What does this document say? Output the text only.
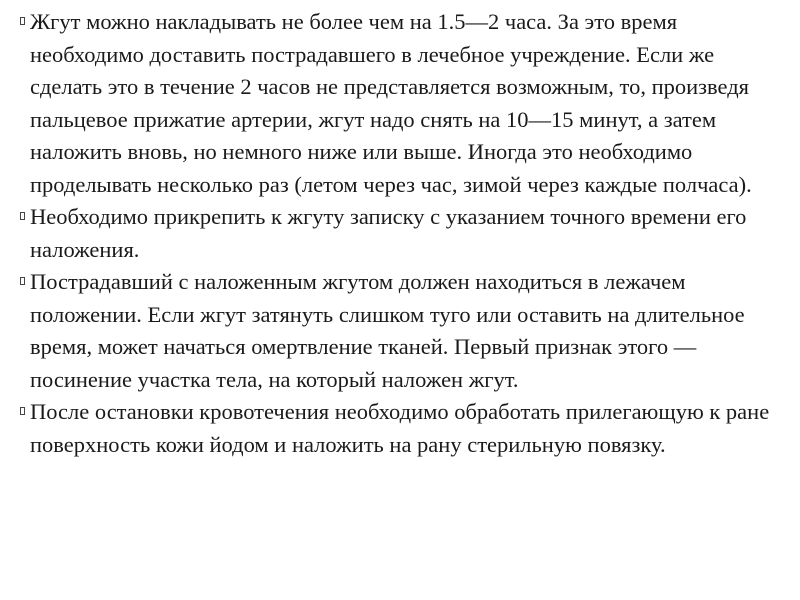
Жгут можно накладывать не более чем на 1.5—2 часа. За это время необходимо доставить пострадавшего в лечебное учреждение. Если же сделать это в течение 2 часов не представляется возможным, то, произведя пальцевое прижатие артерии, жгут надо снять на 10—15 минут, а затем наложить вновь, но немного ниже или выше. Иногда это необходимо проделывать несколько раз (летом через час, зимой через каждые полчаса).
Необходимо прикрепить к жгуту записку с указанием точного времени его наложения.
Пострадавший с наложенным жгутом должен находиться в лежачем положении. Если жгут затянуть слишком туго или оставить на длительное время, может начаться омертвление тканей. Первый признак этого — посинение участка тела, на который наложен жгут.
После остановки кровотечения необходимо обработать прилегающую к ране поверхность кожи йодом и наложить на рану стерильную повязку.
